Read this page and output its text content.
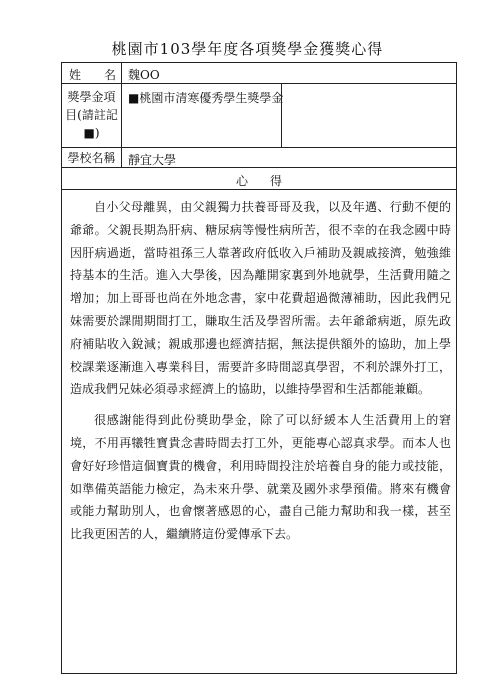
桃園市103學年度各項獎學金獲獎心得
姓 名 魏OO
獎學金項目(請註記■)
■桃園市清寒優秀學生獎學金
學校名稱	靜宜大學
心得

自小父母離異，由父親獨力扶養哥哥及我，以及年邁、行動不便的爺爺。父親長期為肝病、糖尿病等慢性病所苦，很不幸的在我念國中時因肝病過逝，當時祖孫三人靠著政府低收入戶補助及親戚接濟，勉強維持基本的生活。進入大學後，因為離開家裏到外地就學，生活費用隨之增加；加上哥哥也尚在外地念書，家中花費超過微薄補助，因此我們兄妹需要於課閒期間打工，賺取生活及學習所需。去年爺爺病逝，原先政府補貼收入銳減；親戚那邊也經濟拮据，無法提供額外的協助，加上學校課業逐漸進入專業科目，需要許多時間認真學習，不利於課外打工，造成我們兄妹必須尋求經濟上的協助，以維持學習和生活都能兼顧。

很感謝能得到此份獎助學金，除了可以紓緩本人生活費用上的窘境，不用再犧牲寶貴念書時間去打工外，更能專心認真求學。而本人也會好好珍惜這個寶貴的機會，利用時間投注於培養自身的能力或技能，如準備英語能力檢定，為未來升學、就業及國外求學預備。將來有機會或能力幫助別人，也會懷著感恩的心，盡自己能力幫助和我一樣，甚至比我更困苦的人，繼續將這份愛傳承下去。
